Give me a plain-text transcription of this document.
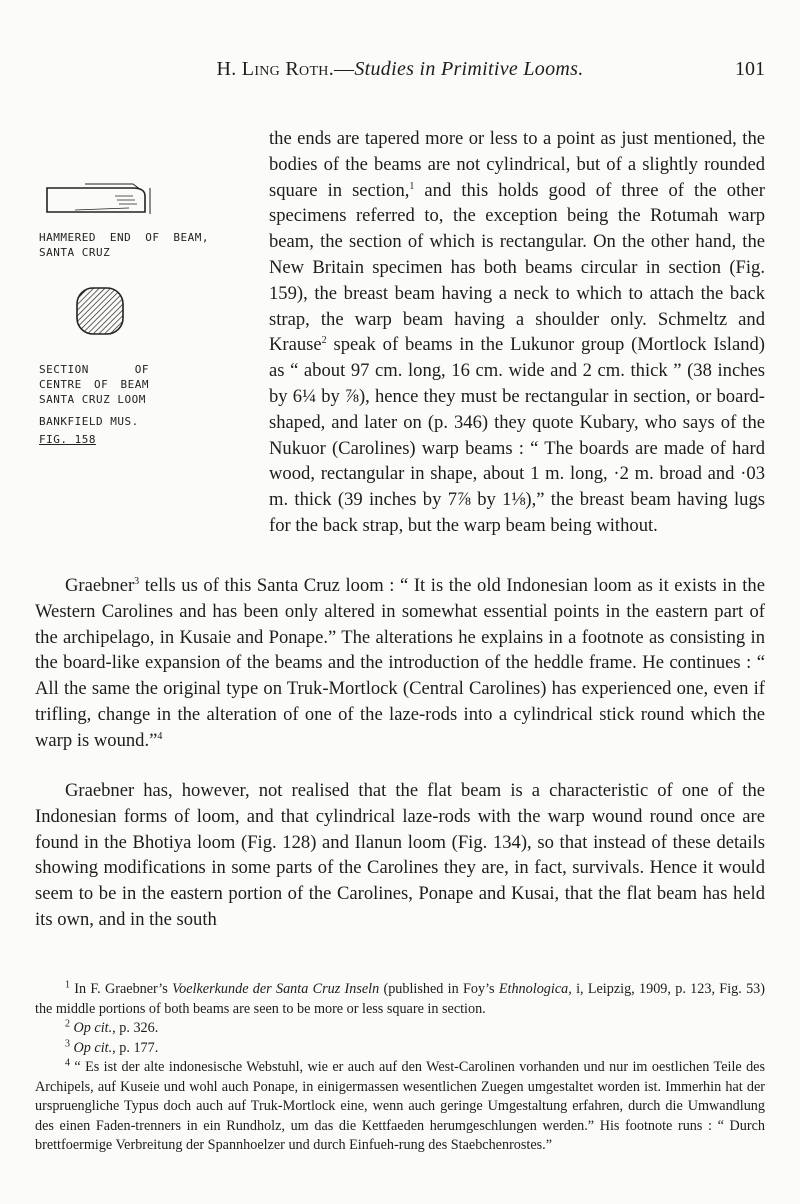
H. Ling Roth.—Studies in Primitive Looms.	101
HAMMERED END OF BEAM, SANTA CRUZ
SECTION OF CENTRE OF BEAM SANTA CRUZ LOOM
BANKFIELD MUS.
FIG. 158
the ends are tapered more or less to a point as just mentioned, the bodies of the beams are not cylindrical, but of a slightly rounded square in section,$^1$ and this holds good of three of the other specimens referred to, the exception being the Rotumah warp beam, the section of which is rectangular. On the other hand, the New Britain specimen has both beams circular in section (Fig. 159), the breast beam having a neck to which to attach the back strap, the warp beam having a shoulder only. Schmeltz and Krause$^2$ speak of beams in the Lukunor group (Mortlock Island) as “ about 97 cm. long, 16 cm. wide and 2 cm. thick ” (38 inches by 6¼ by ⅞), hence they must be rectangular in section, or board-shaped, and later on (p. 346) they quote Kubary, who says of the Nukuor (Carolines) warp beams : “ The boards are made of hard wood, rectangular in shape, about 1 m. long, ·2 m. broad and ·03 m. thick (39 inches by 7⅞ by 1⅛),” the breast beam having lugs for the back strap, but the warp beam being without.

Graebner$^3$ tells us of this Santa Cruz loom : “ It is the old Indonesian loom as it exists in the Western Carolines and has been only altered in somewhat essential points in the eastern part of the archipelago, in Kusaie and Ponape.” The alterations he explains in a footnote as consisting in the board-like expansion of the beams and the introduction of the heddle frame. He continues : “ All the same the original type on Truk-Mortlock (Central Carolines) has experienced one, even if trifling, change in the alteration of one of the laze-rods into a cylindrical stick round which the warp is wound.”$^4$

Graebner has, however, not realised that the flat beam is a characteristic of one of the Indonesian forms of loom, and that cylindrical laze-rods with the warp wound round once are found in the Bhotiya loom (Fig. 128) and Ilanun loom (Fig. 134), so that instead of these details showing modifications in some parts of the Carolines they are, in fact, survivals. Hence it would seem to be in the eastern portion of the Carolines, Ponape and Kusai, that the flat beam has held its own, and in the south

$^1$ In F. Graebner’s Voelkerkunde der Santa Cruz Inseln (published in Foy’s Ethnologica, i, Leipzig, 1909, p. 123, Fig. 53) the middle portions of both beams are seen to be more or less square in section.

$^2$ Op cit., p. 326.

$^3$ Op cit., p. 177.

$^4$ “ Es ist der alte indonesische Webstuhl, wie er auch auf den West-Carolinen vorhanden und nur im oestlichen Teile des Archipels, auf Kuseie und wohl auch Ponape, in einigermassen wesentlichen Zuegen umgestaltet worden ist. Immerhin hat der urspruengliche Typus doch auch auf Truk-Mortlock eine, wenn auch geringe Umgestaltung erfahren, durch die Umwandlung des einen Faden-trenners in ein Rundholz, um das die Kettfaeden herumgeschlungen werden.” His footnote runs : “ Durch brettfoermige Verbreitung der Spannhoelzer und durch Einfueh-rung des Staebchenrostes.”
